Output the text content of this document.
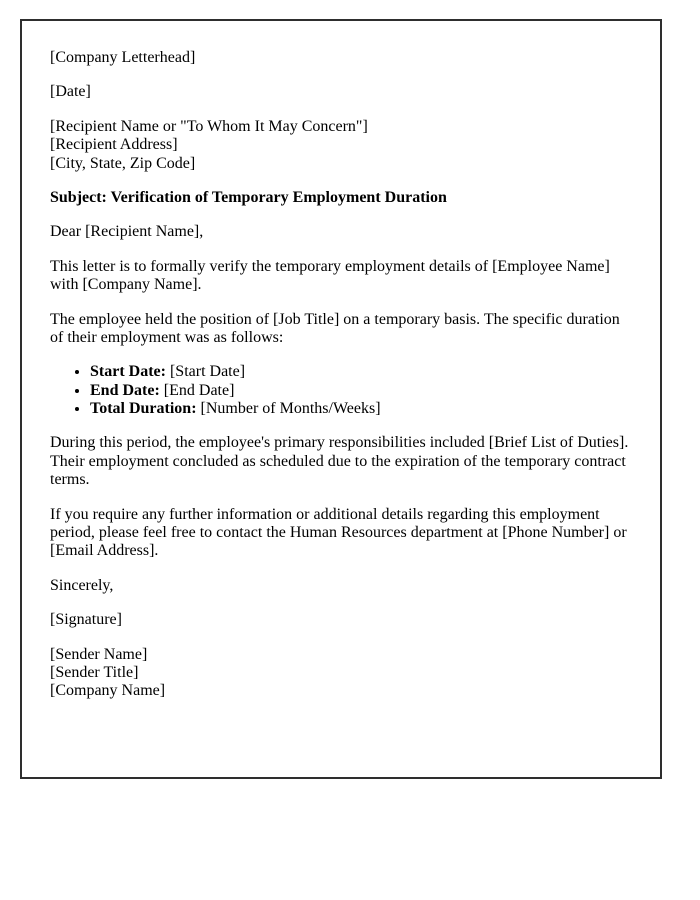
[Company Letterhead]

[Date]

[Recipient Name or "To Whom It May Concern"]
[Recipient Address]
[City, State, Zip Code]

Subject: Verification of Temporary Employment Duration

Dear [Recipient Name],

This letter is to formally verify the temporary employment details of [Employee Name] with [Company Name].

The employee held the position of [Job Title] on a temporary basis. The specific duration of their employment was as follows:

• Start Date: [Start Date]
• End Date: [End Date]
• Total Duration: [Number of Months/Weeks]

During this period, the employee's primary responsibilities included [Brief List of Duties]. Their employment concluded as scheduled due to the expiration of the temporary contract terms.

If you require any further information or additional details regarding this employment period, please feel free to contact the Human Resources department at [Phone Number] or [Email Address].

Sincerely,

[Signature]

[Sender Name]
[Sender Title]
[Company Name]
